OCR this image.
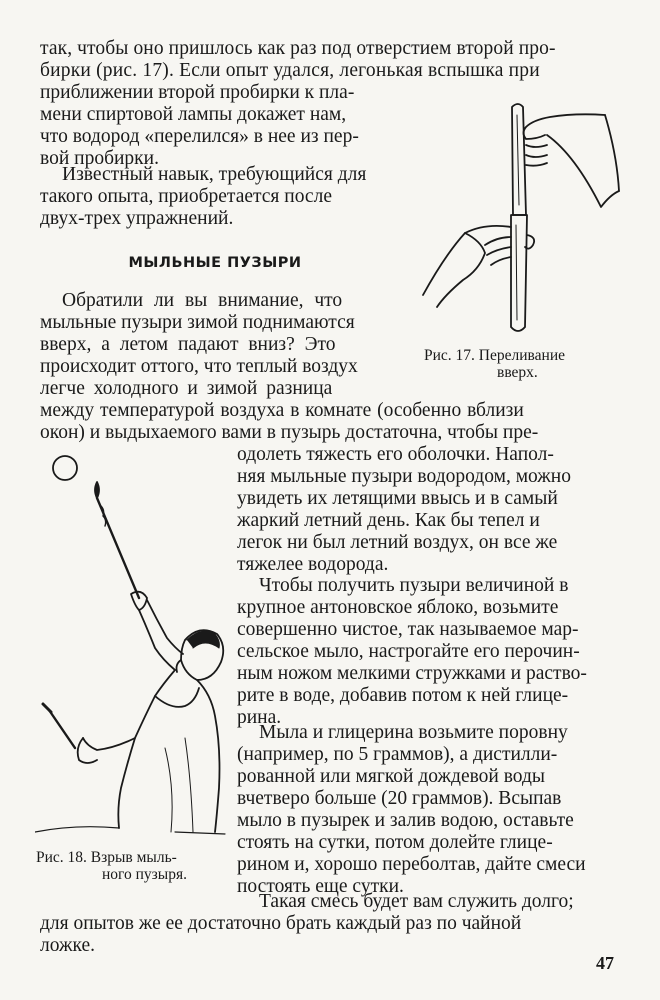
так, чтобы оно пришлось как раз под отверстием второй про-
бирки (рис. 17). Если опыт удался, легонькая вспышка при
приближении второй пробирки к пла-
мени спиртовой лампы докажет нам,
что водород «перелился» в нее из пер-
вой пробирки.
Известный навык, требующийся для
такого опыта, приобретается после
двух-трех упражнений.
МЫЛЬНЫЕ ПУЗЫРИ
Обратили ли вы внимание, что
мыльные пузыри зимой поднимаются
вверх, а летом падают вниз? Это
происходит оттого, что теплый воздух
легче холодного и зимой разница
между температурой воздуха в комнате (особенно вблизи
окон) и выдыхаемого вами в пузырь достаточна, чтобы пре-
одолеть тяжесть его оболочки. Напол-
няя мыльные пузыри водородом, можно
увидеть их летящими ввысь и в самый
жаркий летний день. Как бы тепел и
легок ни был летний воздух, он все же
тяжелее водорода.
Чтобы получить пузыри величиной в
крупное антоновское яблоко, возьмите
совершенно чистое, так называемое мар-
сельское мыло, настрогайте его перочин-
ным ножом мелкими стружками и раство-
рите в воде, добавив потом к ней глице-
рина.
Мыла и глицерина возьмите поровну
(например, по 5 граммов), а дистилли-
рованной или мягкой дождевой воды
вчетверо больше (20 граммов). Всыпав
мыло в пузырек и залив водою, оставьте
стоять на сутки, потом долейте глице-
рином и, хорошо переболтав, дайте смеси
постоять еще сутки.
Такая смесь будет вам служить долго;
для опытов же ее достаточно брать каждый раз по чайной
ложке.
Рис. 17. Переливание
вверх.
Рис. 18. Взрыв мыль-
ного пузыря.
47
